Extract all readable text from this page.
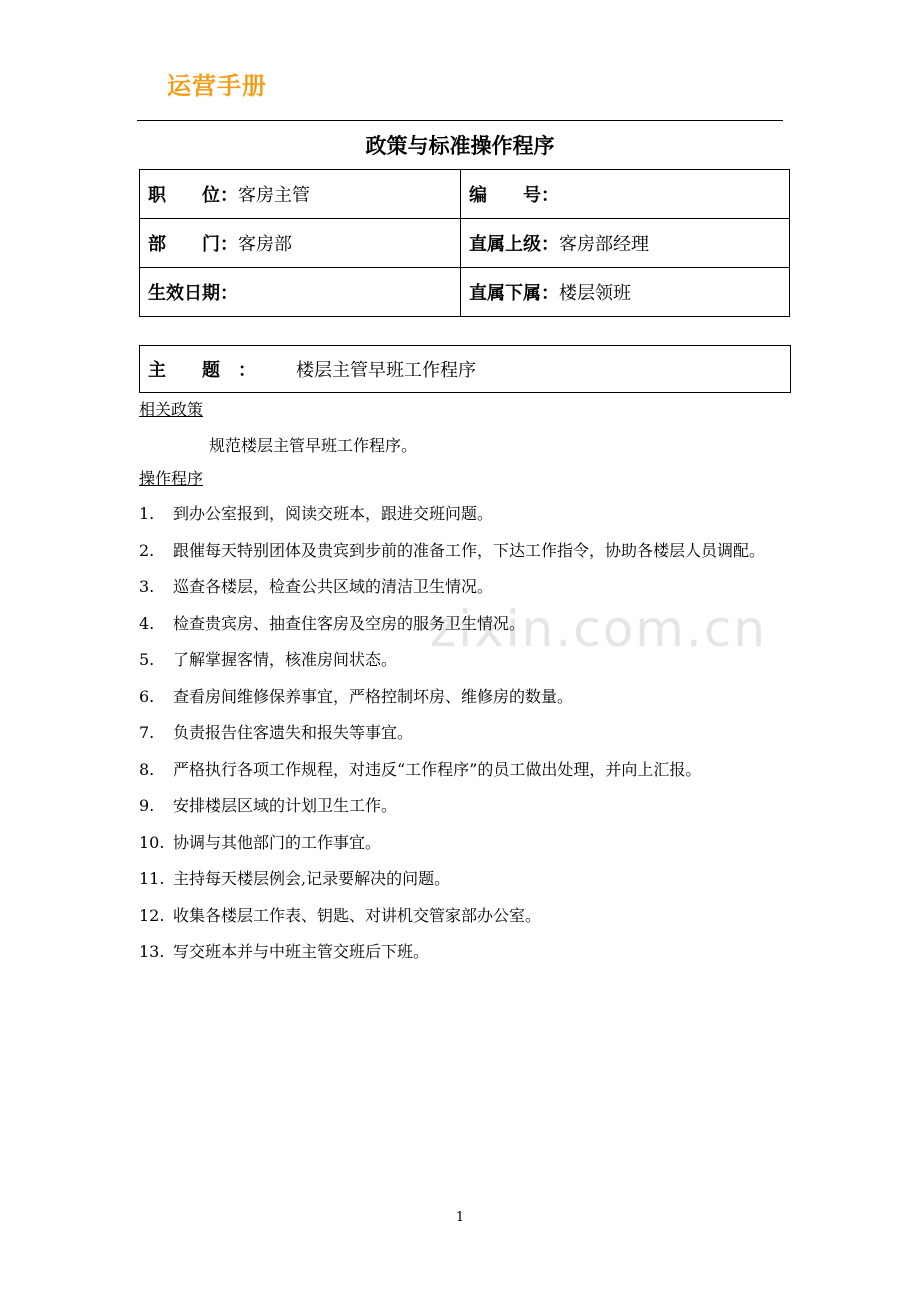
运营手册
政策与标准操作程序
职　　位：客房主管	编　　号：
部　　门：客房部	直属上级：客房部经理
生效日期：	直属下属：楼层领班
主　　题　： 楼层主管早班工作程序
相关政策
规范楼层主管早班工作程序。
操作程序
1. 到办公室报到，阅读交班本，跟进交班问题。
2. 跟催每天特别团体及贵宾到步前的准备工作，下达工作指令，协助各楼层人员调配。
3. 巡查各楼层，检查公共区域的清洁卫生情况。
4. 检查贵宾房、抽查住客房及空房的服务卫生情况。
5. 了解掌握客情，核准房间状态。
6. 查看房间维修保养事宜，严格控制坏房、维修房的数量。
7. 负责报告住客遗失和报失等事宜。
8. 严格执行各项工作规程，对违反“工作程序”的员工做出处理，并向上汇报。
9. 安排楼层区域的计划卫生工作。
10. 协调与其他部门的工作事宜。
11. 主持每天楼层例会,记录要解决的问题。
12. 收集各楼层工作表、钥匙、对讲机交管家部办公室。
13. 写交班本并与中班主管交班后下班。
zixin.com.cn
1
